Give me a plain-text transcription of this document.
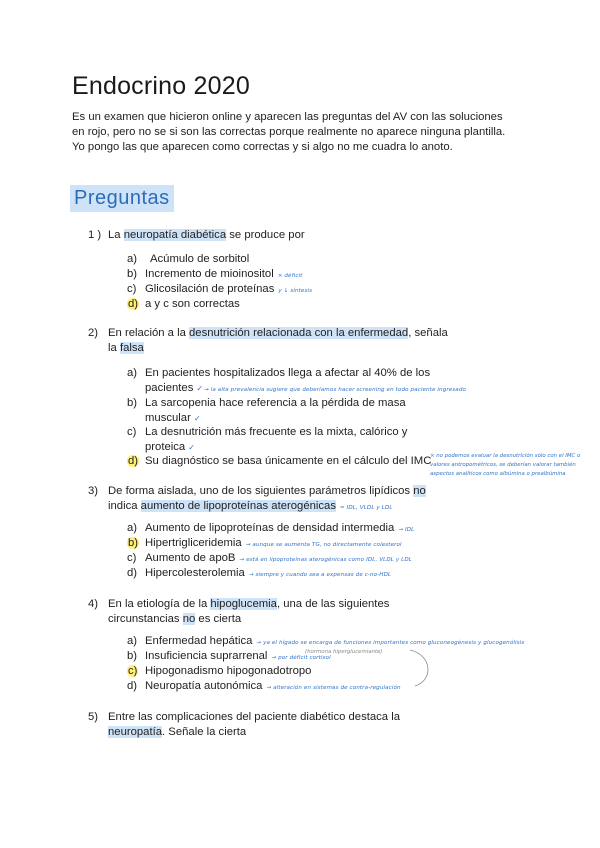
Endocrino 2020
Es un examen que hicieron online y aparecen las preguntas del AV con las soluciones en rojo, pero no se si son las correctas porque realmente no aparece ninguna plantilla. Yo pongo las que aparecen como correctas y si algo no me cuadra lo anoto.
Preguntas
1 ) La neuropatía diabética se produce por
a) Acúmulo de sorbitol
b) Incremento de mioinositol × déficit
c) Glicosilación de proteínas y ↓ síntesis
d) a y c son correctas
2) En relación a la desnutrición relacionada con la enfermedad, señala
la falsa
a) En pacientes hospitalizados llega a afectar al 40% de los
pacientes ✓→ la alta prevalencia sugiere que deberíamos hacer screening en todo paciente ingresado
b) La sarcopenia hace referencia a la pérdida de masa
muscular ✓
c) La desnutrición más frecuente es la mixta, calórico y
proteica ✓
d) Su diagnóstico se basa únicamente en el cálculo del IMC
× no podemos evaluar la desnutrición sólo con el IMC o valores antropométricos, se deberían valorar también aspectos analíticos como albúmina o prealbúmina
3) De forma aislada, uno de los siguientes parámetros lipídicos no
indica aumento de lipoproteínas aterogénicas ≈ IDL, VLDL y LDL
a) Aumento de lipoproteínas de densidad intermedia → IDL
b) Hipertrigliceridemia → aunque se aumenta TG, no directamente colesterol
c) Aumento de apoB → está en lipoproteínas aterogénicas como IDL, VLDL y LDL
d) Hipercolesterolemia → siempre y cuando sea a expensas de c-no-HDL
4) En la etiología de la hipoglucemia, una de las siguientes
circunstancias no es cierta
a) Enfermedad hepática → ya el hígado se encarga de funciones importantes como gluconeogénesis y glucogenólisis
b) Insuficiencia suprarrenal → por déficit cortisol
(hormona hiperglucemiante)
c) Hipogonadismo hipogonadotropo
d) Neuropatía autonómica → alteración en sistemas de contra-regulación
5) Entre las complicaciones del paciente diabético destaca la
neuropatía. Señale la cierta
